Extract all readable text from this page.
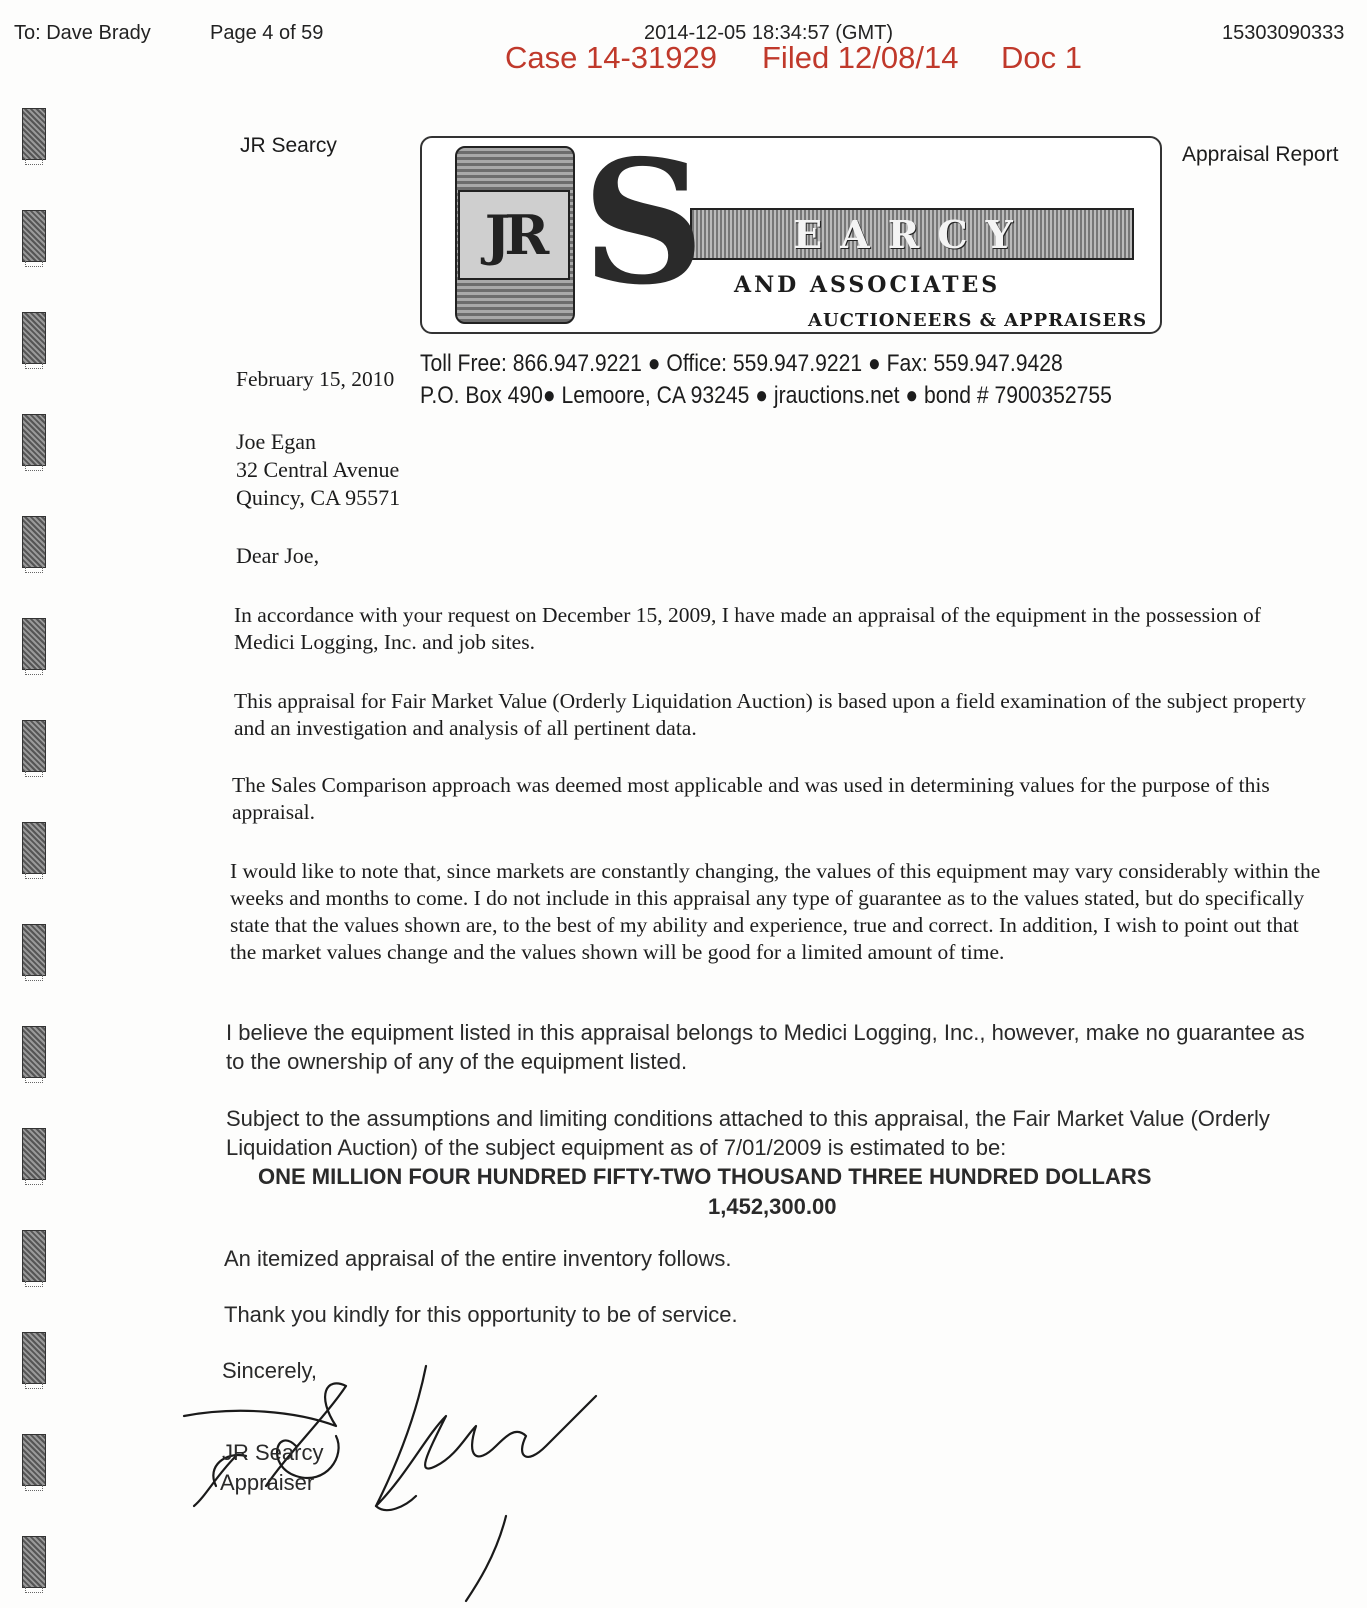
To: Dave Brady	Page 4 of 59	2014-12-05 18:34:57 (GMT)	15303090333
Case 14-31929 Filed 12/08/14 Doc 1
JR Searcy	Appraisal Report
JR	EARCY
S AND ASSOCIATES
AUCTIONEERS & APPRAISERS
Toll Free: 866.947.9221 ● Office: 559.947.9221 ● Fax: 559.947.9428
P.O. Box 490● Lemoore, CA 93245 ● jrauctions.net ● bond # 7900352755
February 15, 2010
Joe Egan
32 Central Avenue
Quincy, CA 95571
Dear Joe,
In accordance with your request on December 15, 2009, I have made an appraisal of the equipment in the possession of Medici Logging, Inc. and job sites.
This appraisal for Fair Market Value (Orderly Liquidation Auction) is based upon a field examination of the subject property and an investigation and analysis of all pertinent data.
The Sales Comparison approach was deemed most applicable and was used in determining values for the purpose of this appraisal.
I would like to note that, since markets are constantly changing, the values of this equipment may vary considerably within the weeks and months to come. I do not include in this appraisal any type of guarantee as to the values stated, but do specifically state that the values shown are, to the best of my ability and experience, true and correct. In addition, I wish to point out that the market values change and the values shown will be good for a limited amount of time.
I believe the equipment listed in this appraisal belongs to Medici Logging, Inc., however, make no guarantee as to the ownership of any of the equipment listed.
Subject to the assumptions and limiting conditions attached to this appraisal, the Fair Market Value (Orderly Liquidation Auction) of the subject equipment as of 7/01/2009 is estimated to be:
ONE MILLION FOUR HUNDRED FIFTY-TWO THOUSAND THREE HUNDRED DOLLARS
1,452,300.00
An itemized appraisal of the entire inventory follows.
Thank you kindly for this opportunity to be of service.
Sincerely,
JR Searcy
Appraiser
